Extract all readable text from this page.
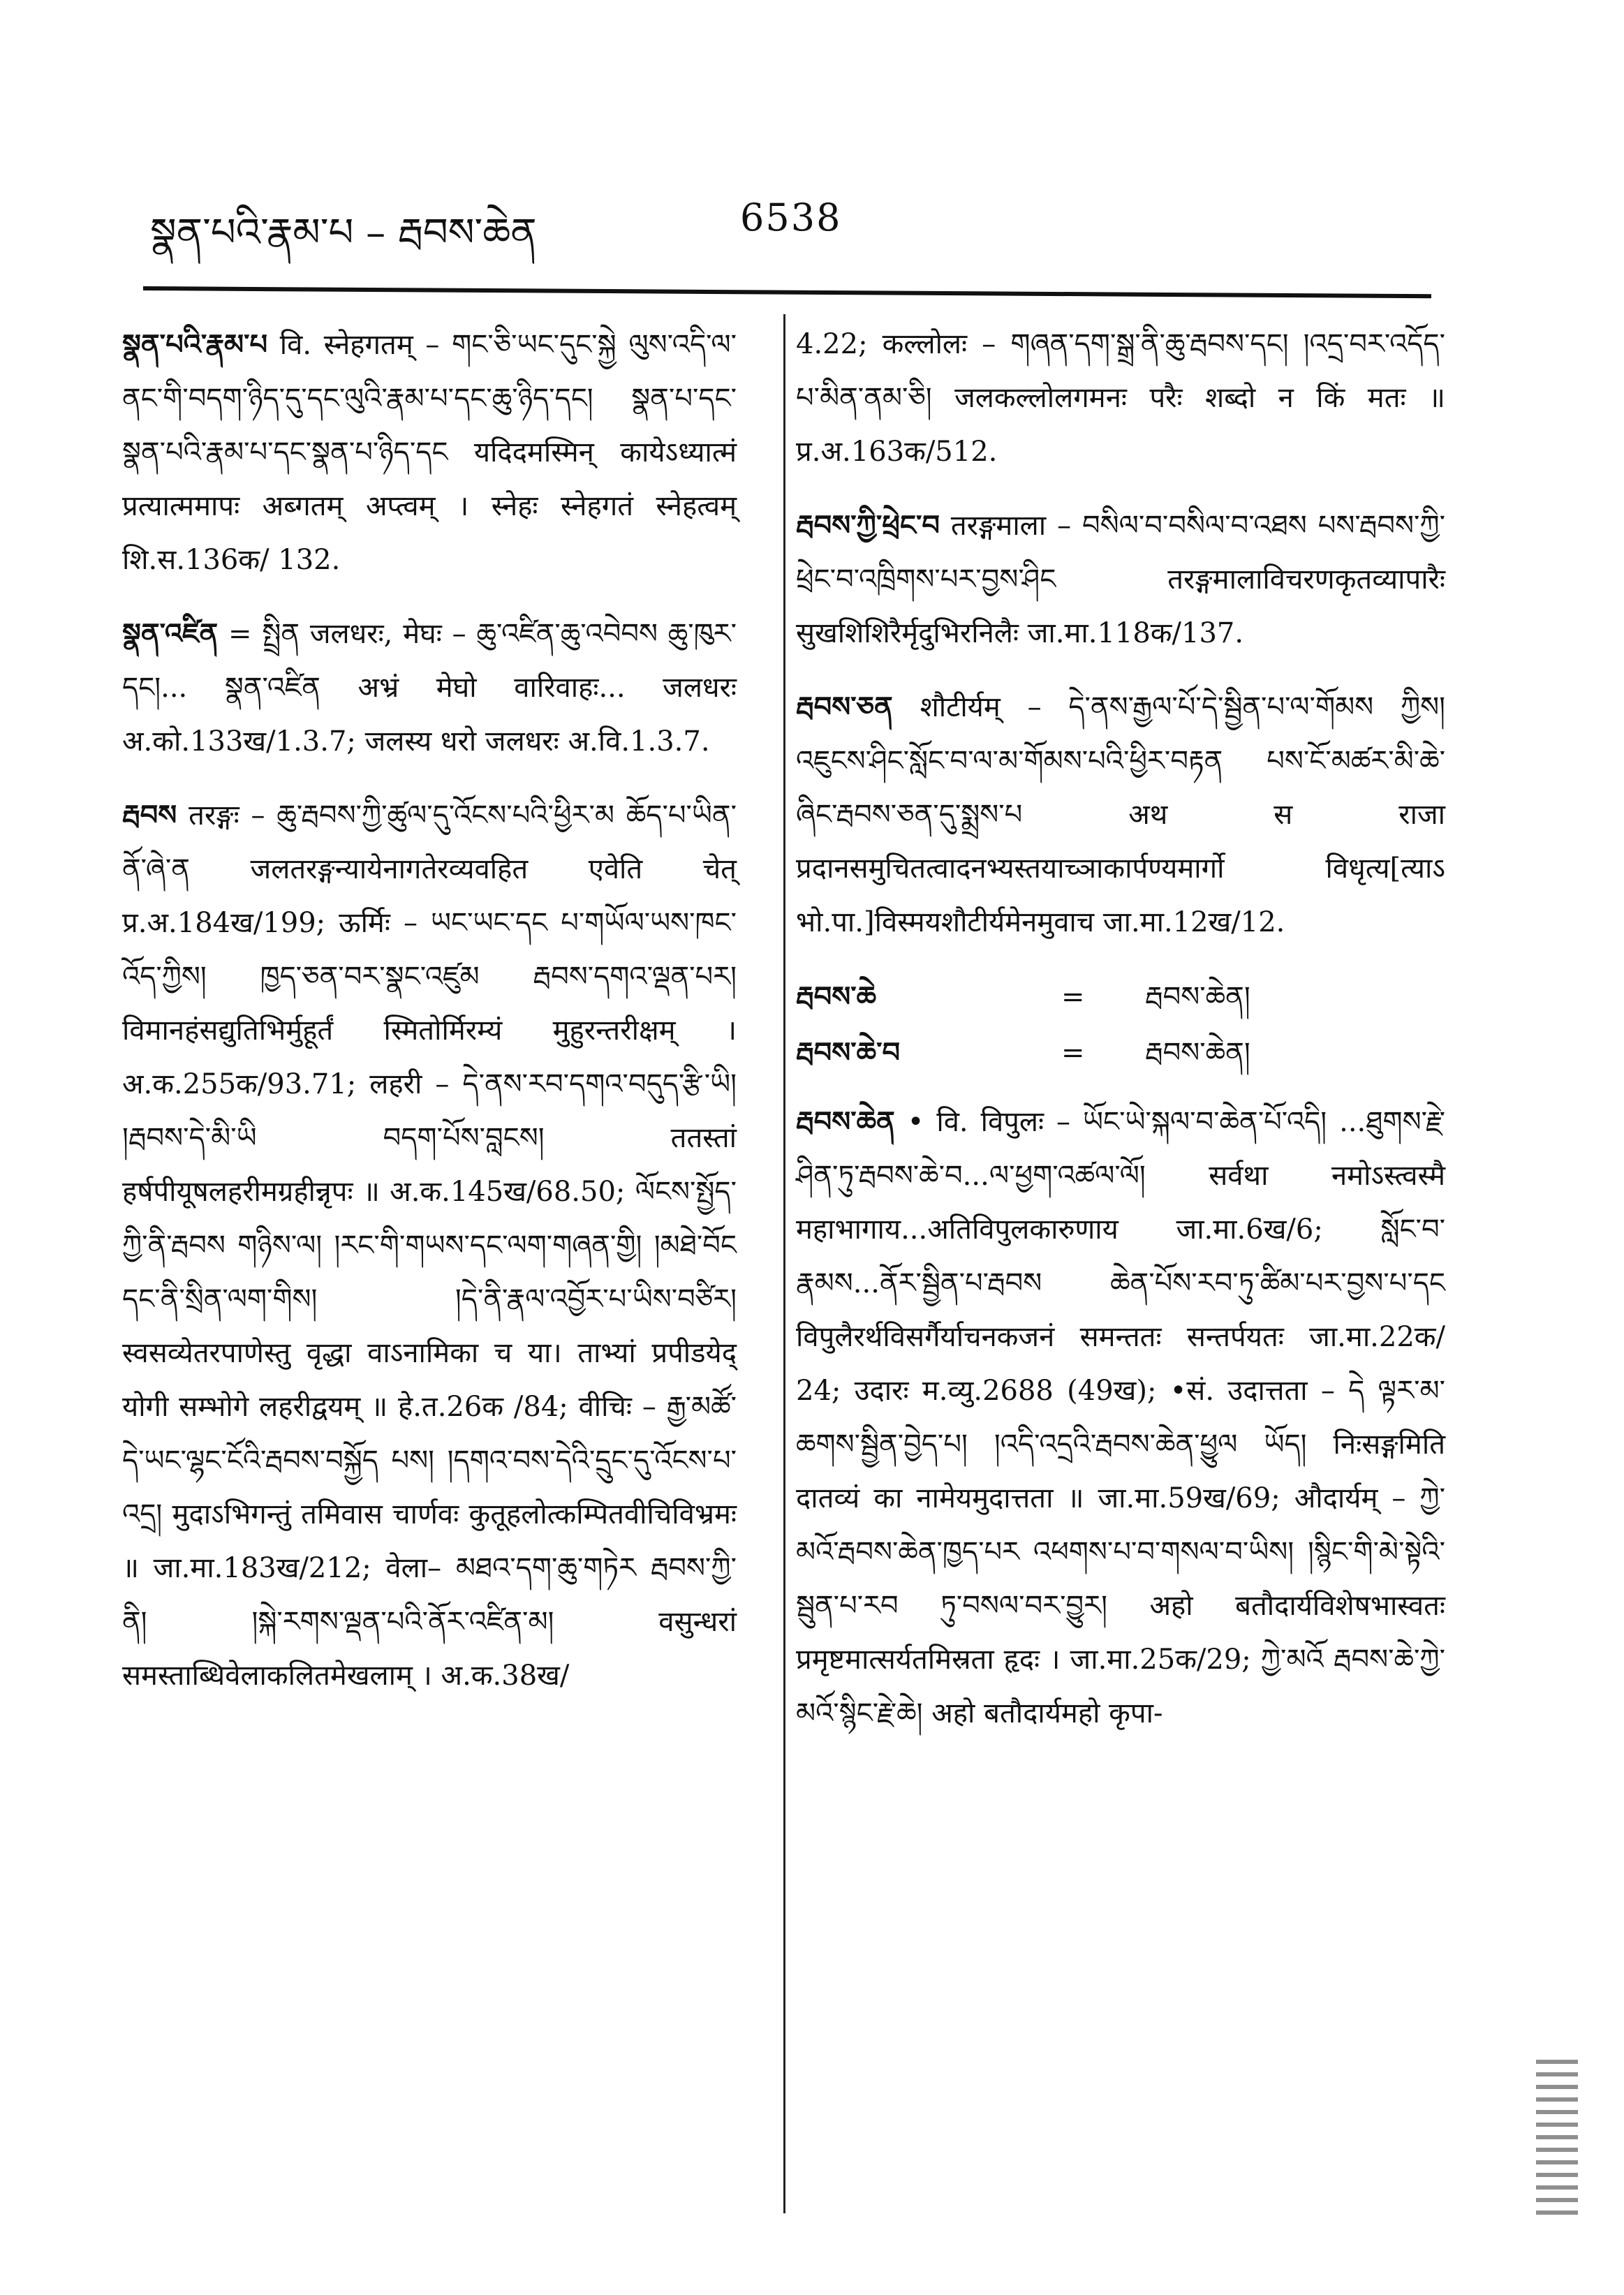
སྣན་པའི་རྣམ་པ – རྦབས་ཆེན	6538

སྣན་པའི་རྣམ་པ वि. स्नेहगतम् – གང་ཅི་ཡང་དུང་སྐྱེ ལུས་འདི་ལ་ནང་གི་བདག་ཉིད་དུ་དང་ལུའི་རྣམ་པ་དང་ཆུ་ཉིད་དང། སྣན་པ་དང་སྣན་པའི་རྣམ་པ་དང་སྣན་པ་ཉིད་དང यदिदमस्मिन् कायेऽध्यात्मं प्रत्यात्ममापः अब्गतम् अप्त्वम् । स्नेहः स्नेहगतं स्नेहत्वम् शि.स.136क/ 132.

སྣན་འཛིན = སྤྲིན जलधरः, मेघः – ཆུ་འཛིན་ཆུ་འབེབས ཆུ་ཁུར་དང།... སྣན་འཛིན अभ्रं मेघो वारिवाहः... जलधरः अ.को.133ख/1.3.7; जलस्य धरो जलधरः अ.वि.1.3.7.

རྦབས तरङ्गः – ཆུ་རྦབས་ཀྱི་ཚུལ་དུ་འོངས་པའི་ཕྱིར་མ ཆོད་པ་ཡིན་ནོ་ཞེ་ན जलतरङ्गन्यायेनागतेरव्यवहित एवेति चेत् प्र.अ.184ख/199; ऊर्मिः – ཡང་ཡང་དང པ་གཡོལ་ཡས་ཁང་འོད་ཀྱིས། ཁྱད་ཅན་བར་སྣང་འཛུམ རྦབས་དགའ་ལྡན་པར། विमानहंसद्युतिभिर्मुहूर्तं स्मितोर्मिरम्यं मुहुरन्तरीक्षम् । अ.क.255क/93.71; लहरी – དེ་ནས་རབ་དགའ་བདུད་རྩི་ཡི། །རྦབས་དེ་མི་ཡི བདག་པོས་བླངས། ततस्तां हर्षपीयूषलहरीमग्रहीन्नृपः ॥ अ.क.145ख/68.50; ལོངས་སྤྱོད་ཀྱི་ནི་རྦབས གཉིས་ལ། །རང་གི་གཡས་དང་ལག་གཞན་གྱི། །མཐེ་བོང དང་ནི་སྲིན་ལག་གིས། །དེ་ནི་རྣལ་འབྱོར་པ་ཡིས་བཙིར། स्वसव्येतरपाणेस्तु वृद्धा वाऽनामिका च या। ताभ्यां प्रपीडयेद् योगी सम्भोगे लहरीद्वयम् ॥ हे.त.26क /84; वीचिः – རྒྱ་མཚོ་དེ་ཡང་ལྷང་ངོའི་རྦབས་བསྐྱོད པས། །དགའ་བས་དེའི་དྲུང་དུ་འོངས་པ་འདྲ། मुदाऽभिगन्तुं तमिवास चार्णवः कुतूहलोत्कम्पितवीचिविभ्रमः ॥ जा.मा.183ख/212; वेला– མཐའ་དག་ཆུ་གཏེར རྦབས་ཀྱི་ནི། །སྐེ་རགས་ལྡན་པའི་ནོར་འཛིན་མ། वसुन्धरां समस्ताब्धिवेलाकलितमेखलाम् । अ.क.38ख/

4.22; कल्लोलः – གཞན་དག་སྒྲ་ནི་ཆུ་རྦབས་དང། །འདྲ་བར་འདོད་པ་མིན་ནམ་ཅི། जलकल्लोलगमनः परैः शब्दो न किं मतः ॥ प्र.अ.163क/512.

རྦབས་ཀྱི་ཕྲེང་བ तरङ्गमाला – བསིལ་བ་བསིལ་བ་འཐས པས་རྦབས་ཀྱི་ཕྲེང་བ་འཁྲིགས་པར་བྱས་ཤིང तरङ्गमालाविचरणकृतव्यापारैः सुखशिशिरैर्मृदुभिरनिलैः जा.मा.118क/137.

རྦབས་ཅན शौटीर्यम् – དེ་ནས་རྒྱལ་པོ་དེ་སྦྱིན་པ་ལ་གོམས ཀྱིས། འཇུངས་ཤིང་སློང་བ་ལ་མ་གོམས་པའི་ཕྱིར་བརྟན པས་ངོ་མཚར་མི་ཆེ་ཞིང་རྦབས་ཅན་དུ་སྨྲས་པ अथ स राजा प्रदानसमुचितत्वादनभ्यस्तयाच्ञाकार्पण्यमार्गो विधृत्य[त्याऽ भो.पा.]विस्मयशौटीर्यमेनमुवाच जा.मा.12ख/12.

རྦབས་ཆེ	=	རྦབས་ཆེན།
རྦབས་ཆེ་བ	=	རྦབས་ཆེན།

རྦབས་ཆེན • वि. विपुलः – ཡོང་ཡེ་སྐལ་བ་ཆེན་པོ་འདི། ...ཐུགས་རྗེ་ཤིན་ཏུ་རྦབས་ཆེ་བ...ལ་ཕྱག་འཚལ་ལོ། सर्वथा नमोऽस्त्वस्मै महाभागाय...अतिविपुलकारुणाय जा.मा.6ख/6; སློང་བ་རྣམས...ནོར་སྦྱིན་པ་རྦབས ཆེན་པོས་རབ་ཏུ་ཚིམ་པར་བྱས་པ་དང विपुलैरर्थविसर्गैर्याचनकजनं समन्ततः सन्तर्पयतः जा.मा.22क/ 24; उदारः म.व्यु.2688 (49ख); •सं. उदात्तता – དེ ལྟར་མ་ཆགས་སྦྱིན་བྱེད་པ། །འདི་འདྲའི་རྦབས་ཆེན་ཕྱུལ ཡོད། निःसङ्गमिति दातव्यं का नामेयमुदात्तता ॥ जा.मा.59ख/69; औदार्यम् – ཀྱེ་མའོ་རྦབས་ཆེན་ཁྱད་པར འཕགས་པ་བ་གསལ་བ་ཡིས། །སྙིང་གི་མེ་སྟེའི་སྦུན་པ་རབ ཏུ་བསལ་བར་བྱུར། अहो बतौदार्यविशेषभास्वतः प्रमृष्टमात्सर्यतमिस्रता हृदः । जा.मा.25क/29; ཀྱེ་མའོ རྦབས་ཆེ་ཀྱེ་མའོ་སྙིང་རྗེ་ཆེ། अहो बतौदार्यमहो कृपा-
